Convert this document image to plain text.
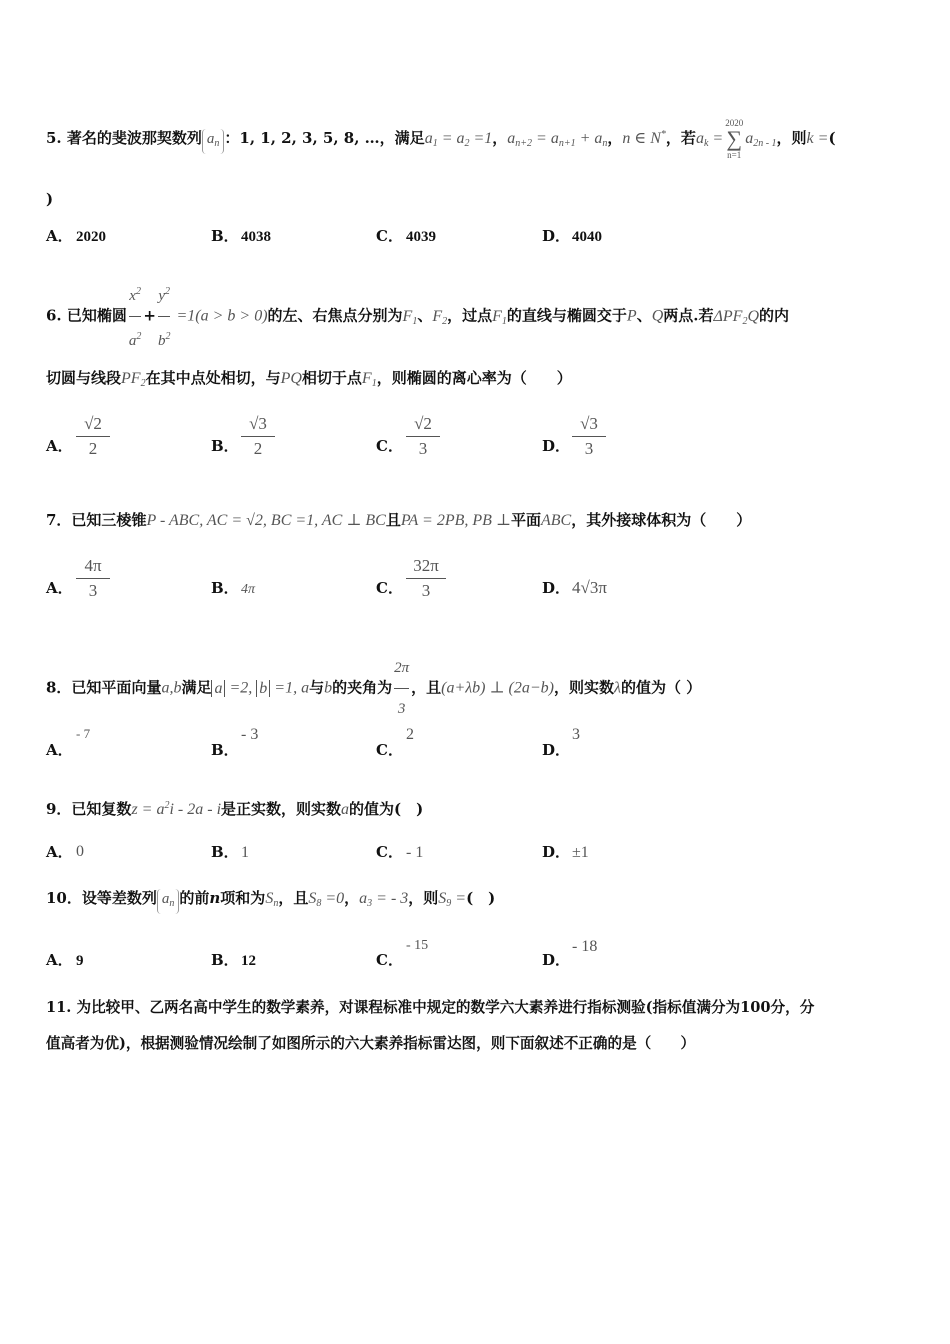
5. 著名的斐波那契数列 $a_n$ ：1, 1, 2, 3, 5, 8, …，满足$a_1 = a_2 =1$，$a_{n+2} = a_{n+1} + a_n$，n ∈ N*，若$a_k$ =
2020
∑
n=1
$a_{2n - 1}$，则k =(
)
A． 2020	B． 4038	C． 4039	D． 4040
6. 已知椭圆 $\frac{x^2}{a^2} + \frac{y^2}{b^2} =1(a > b > 0)$的左、右焦点分别为$F_1$、$F_2$，过点$F_1$的直线与椭圆交于P、Q两点.若$\Delta PF_2Q$的内
切圆与线段$PF_2$在其中点处相切，与PQ相切于点$F_1$，则椭圆的离心率为（　　）
A． $\frac{√2}{2}$	B． $\frac{√3}{2}$	C． $\frac{√2}{3}$	D． $\frac{√3}{3}$
7．已知三棱锥P - ABC, AC = √2, BC =1, AC ⊥ BC且PA = 2PB, PB ⊥平面ABC，其外接球体积为（　　）
A． $\frac{4\pi}{3}$	B． 4π	C． $\frac{32\pi}{3}$	D． 4√3π
8．已知平面向量a,b满足 a =2, b =1, a与b的夹角为 $\frac{2\pi}{3}$ ，且(a+λb) ⊥ (2a−b)，则实数λ的值为（ ）
A．
- 7
B．
- 3
C．
2
D．
3
9．已知复数$z = a^2i - 2a - i$是正实数，则实数a的值为(　)
A． 0	B． 1	C． - 1	D． ±1
10．设等差数列 $a_n$ 的前n项和为$S_n$，且$S_8 =0$，$a_3$ = - 3，则$S_9$ =(　)
A． 9	B． 12	C．
- 15
D．
- 18
11. 为比较甲、乙两名高中学生的数学素养，对课程标准中规定的数学六大素养进行指标测验(指标值满分为100分，分
值高者为优)，根据测验情况绘制了如图所示的六大素养指标雷达图，则下面叙述不正确的是（　　）
